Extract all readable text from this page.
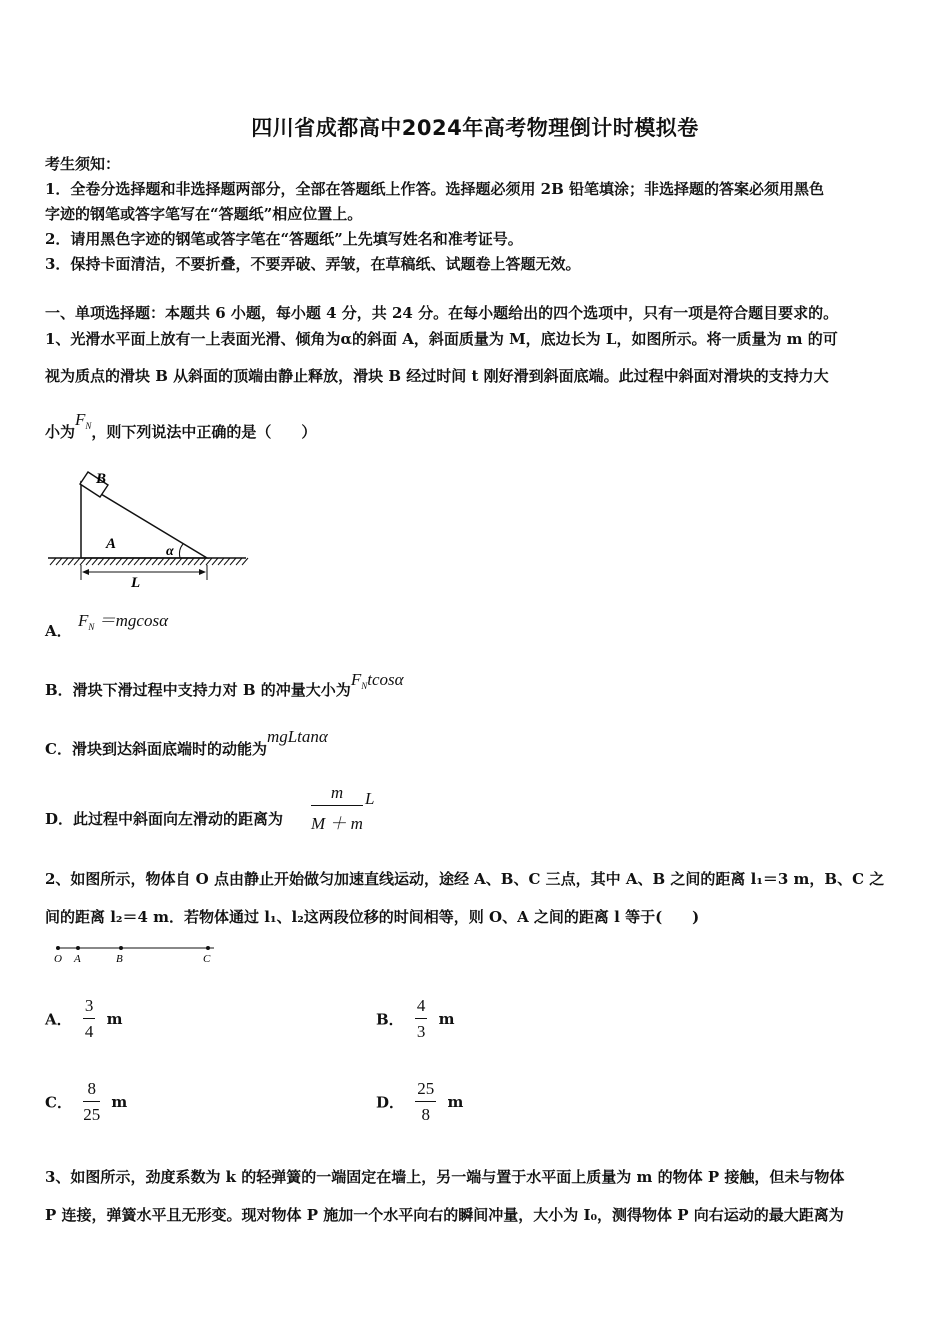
四川省成都高中2024年高考物理倒计时模拟卷
考生须知：
1．全卷分选择题和非选择题两部分，全部在答题纸上作答。选择题必须用 2B 铅笔填涂；非选择题的答案必须用黑色
字迹的钢笔或答字笔写在“答题纸”相应位置上。
2．请用黑色字迹的钢笔或答字笔在“答题纸”上先填写姓名和准考证号。
3．保持卡面清洁，不要折叠，不要弄破、弄皱，在草稿纸、试题卷上答题无效。
一、单项选择题：本题共 6 小题，每小题 4 分，共 24 分。在每小题给出的四个选项中，只有一项是符合题目要求的。
1、光滑水平面上放有一上表面光滑、倾角为α的斜面 A，斜面质量为 M，底边长为 L，如图所示。将一质量为 m 的可
视为质点的滑块 B 从斜面的顶端由静止释放，滑块 B 经过时间 t 刚好滑到斜面底端。此过程中斜面对滑块的支持力大
小为$F_N$，则下列说法中正确的是（　　）
B
A	α
L
A．
$F_N =mgcos\alpha$
B．滑块下滑过程中支持力对 B 的冲量大小为$F_Ntcos\alpha$
C．滑块到达斜面底端时的动能为mgLtanα
D．此过程中斜面向左滑动的距离为 $\frac{m}{M + m}$ L
2、如图所示，物体自 O 点由静止开始做匀加速直线运动，途经 A、B、C 三点，其中 A、B 之间的距离 l₁＝3 m，B、C 之
间的距离 l₂＝4 m．若物体通过 l₁、l₂这两段位移的时间相等，则 O、A 之间的距离 l 等于(　　)
O A	B	C
A． $\frac{3}{4}$ m	B． $\frac{4}{3}$ m
C． $\frac{8}{25}$ m	D． $\frac{25}{8}$ m
3、如图所示，劲度系数为 k 的轻弹簧的一端固定在墙上，另一端与置于水平面上质量为 m 的物体 P 接触，但未与物体
P 连接，弹簧水平且无形变。现对物体 P 施加一个水平向右的瞬间冲量，大小为 I₀，测得物体 P 向右运动的最大距离为
